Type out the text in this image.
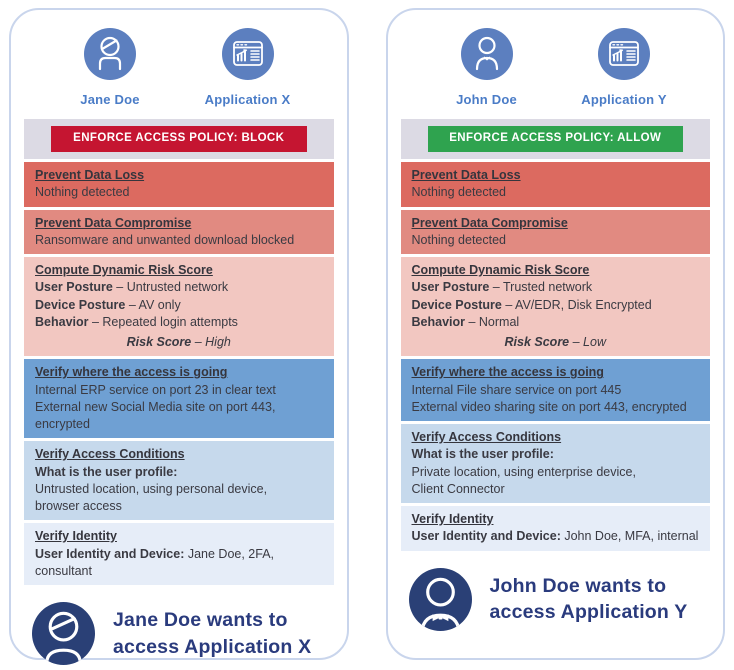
Jane Doe	Application X
ENFORCE ACCESS POLICY: BLOCK
Prevent Data Loss
Nothing detected
Prevent Data Compromise
Ransomware and unwanted download blocked
Compute Dynamic Risk Score
User Posture – Untrusted network
Device Posture – AV only
Behavior – Repeated login attempts
Risk Score – High
Verify where the access is going
Internal ERP service on port 23 in clear text
External new Social Media site on port 443, encrypted
Verify Access Conditions
What is the user profile:
Untrusted location, using personal device,
browser access
Verify Identity
User Identity and Device: Jane Doe, 2FA, consultant
Jane Doe wants to
access Application X
John Doe	Application Y
ENFORCE ACCESS POLICY: ALLOW
Prevent Data Loss
Nothing detected
Prevent Data Compromise
Nothing detected
Compute Dynamic Risk Score
User Posture – Trusted network
Device Posture – AV/EDR, Disk Encrypted
Behavior – Normal
Risk Score – Low
Verify where the access is going
Internal File share service on port 445
External video sharing site on port 443, encrypted
Verify Access Conditions
What is the user profile:
Private location, using enterprise device,
Client Connector
Verify Identity
User Identity and Device: John Doe, MFA, internal
John Doe wants to
access Application Y
